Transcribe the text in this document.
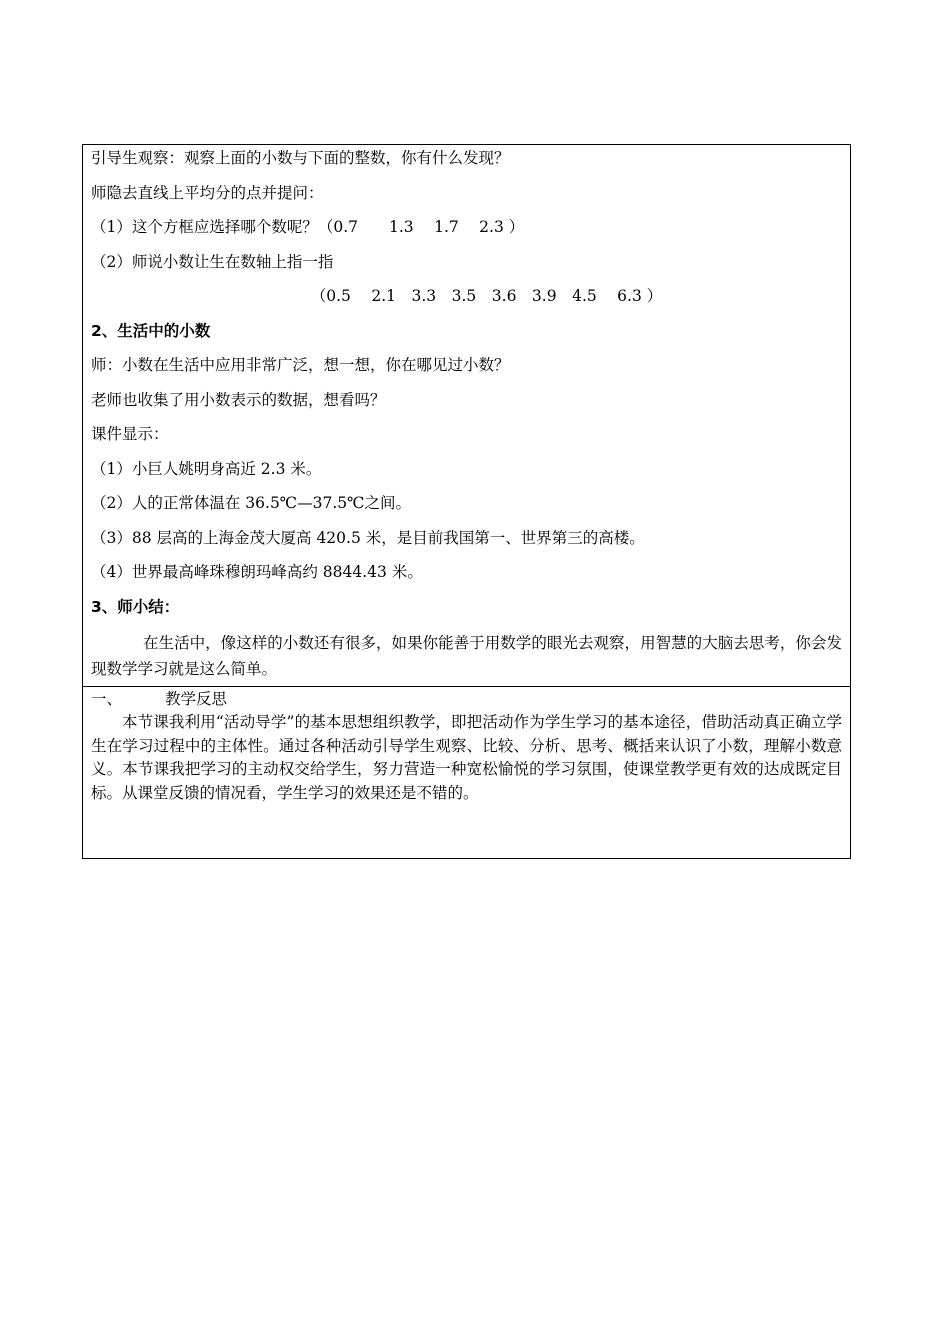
引导生观察：观察上面的小数与下面的整数，你有什么发现？

师隐去直线上平均分的点并提问：

（1）这个方框应选择哪个数呢？（0.7　　1.3　 1.7　 2.3 ）

（2）师说小数让生在数轴上指一指

（0.5　 2.1　3.3　3.5　3.6　3.9　4.5　 6.3 ）

2、生活中的小数

师：小数在生活中应用非常广泛，想一想，你在哪见过小数？

老师也收集了用小数表示的数据，想看吗？

课件显示：

（1）小巨人姚明身高近 2.3 米。

（2）人的正常体温在 36.5℃—37.5℃之间。

（3）88 层高的上海金茂大厦高 420.5 米，是目前我国第一、世界第三的高楼。

（4）世界最高峰珠穆朗玛峰高约 8844.43 米。

3、师小结：

在生活中，像这样的小数还有很多，如果你能善于用数学的眼光去观察，用智慧的大脑去思考，你会发现数学学习就是这么简单。

一、	教学反思

本节课我利用“活动导学”的基本思想组织教学，即把活动作为学生学习的基本途径，借助活动真正确立学生在学习过程中的主体性。通过各种活动引导学生观察、比较、分析、思考、概括来认识了小数，理解小数意义。本节课我把学习的主动权交给学生，努力营造一种宽松愉悦的学习氛围，使课堂教学更有效的达成既定目标。从课堂反馈的情况看，学生学习的效果还是不错的。
